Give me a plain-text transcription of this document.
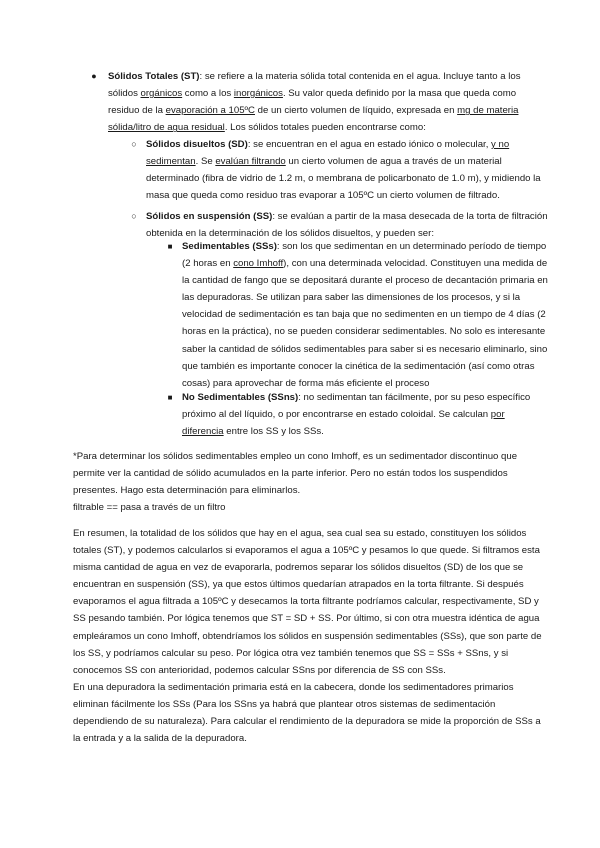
●	Sólidos Totales (ST): se refiere a la materia sólida total contenida en el agua. Incluye tanto a los sólidos orgánicos como a los inorgánicos. Su valor queda definido por la masa que queda como residuo de la evaporación a 105ºC de un cierto volumen de líquido, expresada en mg de materia sólida/litro de agua residual. Los sólidos totales pueden encontrarse como:

○ Sólidos disueltos (SD): se encuentran en el agua en estado iónico o molecular, y no sedimentan. Se evalúan filtrando un cierto volumen de agua a través de un material determinado (fibra de vidrio de 1.2 m, o membrana de policarbonato de 1.0 m), y midiendo la masa que queda como residuo tras evaporar a 105ºC un cierto volumen de filtrado.

○ Sólidos en suspensión (SS): se evalúan a partir de la masa desecada de la torta de filtración obtenida en la determinación de los sólidos disueltos, y pueden ser:

■ Sedimentables (SSs): son los que sedimentan en un determinado período de tiempo (2 horas en cono Imhoff), con una determinada velocidad. Constituyen una medida de la cantidad de fango que se depositará durante el proceso de decantación primaria en las depuradoras. Se utilizan para saber las dimensiones de los procesos, y si la velocidad de sedimentación es tan baja que no sedimenten en un tiempo de 4 días (2 horas en la práctica), no se pueden considerar sedimentables. No solo es interesante saber la cantidad de sólidos sedimentables para saber si es necesario eliminarlo, sino que también es importante conocer la cinética de la sedimentación (así como otras cosas) para aprovechar de forma más eficiente el proceso

■ No Sedimentables (SSns): no sedimentan tan fácilmente, por su peso específico próximo al del líquido, o por encontrarse en estado coloidal. Se calculan por diferencia entre los SS y los SSs.

*Para determinar los sólidos sedimentables empleo un cono Imhoff, es un sedimentador discontinuo que permite ver la cantidad de sólido acumulados en la parte inferior. Pero no están todos los suspendidos presentes. Hago esta determinación para eliminarlos.

filtrable == pasa a través de un filtro

En resumen, la totalidad de los sólidos que hay en el agua, sea cual sea su estado, constituyen los sólidos totales (ST), y podemos calcularlos si evaporamos el agua a 105ºC y pesamos lo que quede. Si filtramos esta misma cantidad de agua en vez de evaporarla, podremos separar los sólidos disueltos (SD) de los que se encuentran en suspensión (SS), ya que estos últimos quedarían atrapados en la torta filtrante. Si después evaporamos el agua filtrada a 105ºC y desecamos la torta filtrante podríamos calcular, respectivamente, SD y SS pesando también. Por lógica tenemos que ST = SD + SS. Por último, si con otra muestra idéntica de agua empleáramos un cono Imhoff, obtendríamos los sólidos en suspensión sedimentables (SSs), que son parte de los SS, y podríamos calcular su peso. Por lógica otra vez también tenemos que SS = SSs + SSns, y si conocemos SS con anterioridad, podemos calcular SSns por diferencia de SS con SSs.

En una depuradora la sedimentación primaria está en la cabecera, donde los sedimentadores primarios eliminan fácilmente los SSs (Para los SSns ya habrá que plantear otros sistemas de sedimentación dependiendo de su naturaleza). Para calcular el rendimiento de la depuradora se mide la proporción de SSs a la entrada y a la salida de la depuradora.
